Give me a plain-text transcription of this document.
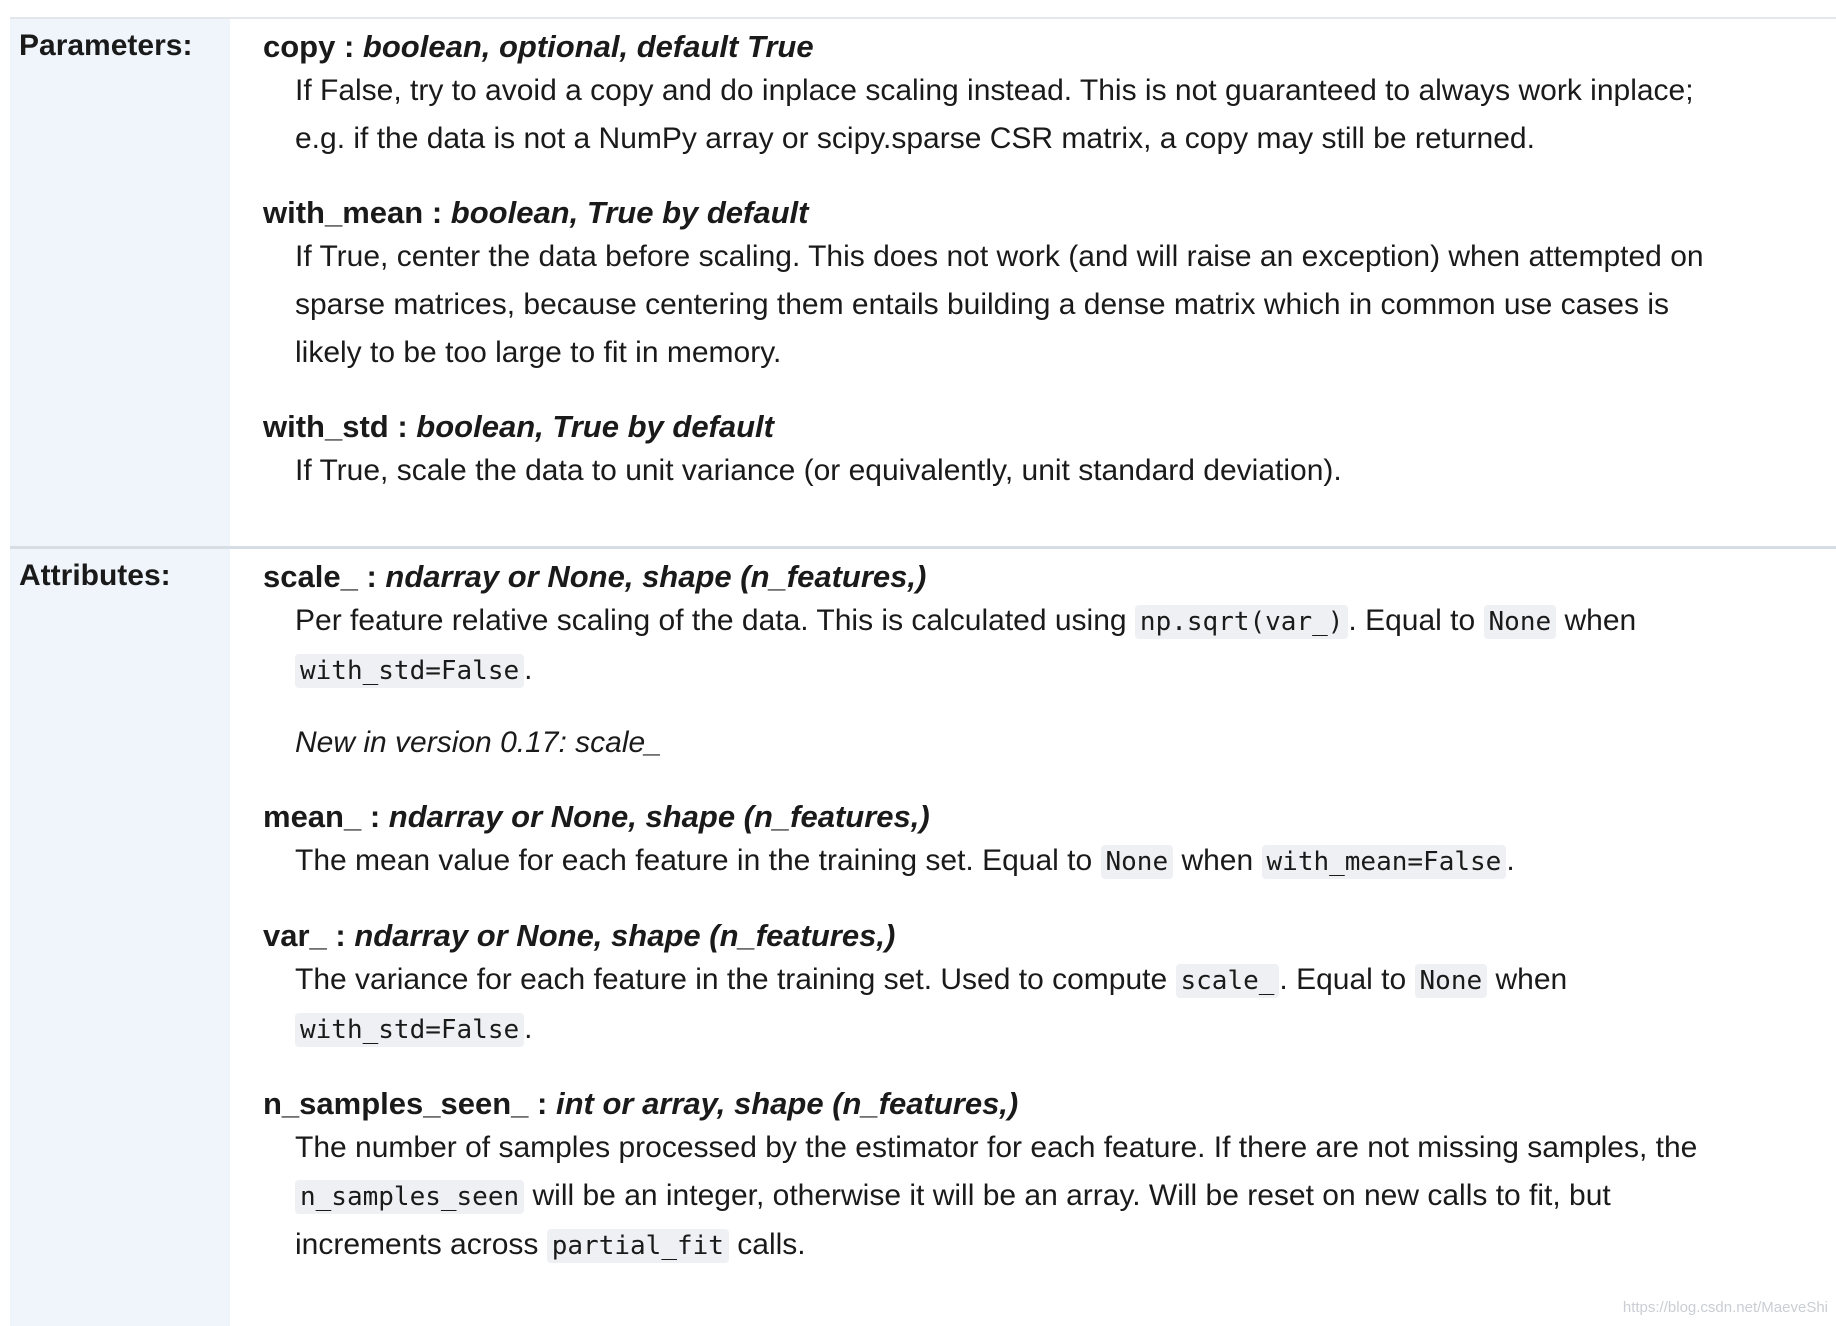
Parameters:	copy : boolean, optional, default True

If False, try to avoid a copy and do inplace scaling instead. This is not guaranteed to always work inplace;

e.g. if the data is not a NumPy array or scipy.sparse CSR matrix, a copy may still be returned.

with_mean : boolean, True by default

If True, center the data before scaling. This does not work (and will raise an exception) when attempted on

sparse matrices, because centering them entails building a dense matrix which in common use cases is

likely to be too large to fit in memory.

with_std : boolean, True by default

If True, scale the data to unit variance (or equivalently, unit standard deviation).

Attributes:	scale_ : ndarray or None, shape (n_features,)

Per feature relative scaling of the data. This is calculated using np.sqrt(var_) . Equal to None when

with_std=False .

New in version 0.17: scale_
mean_ : ndarray or None, shape (n_features,)

The mean value for each feature in the training set. Equal to None when with_mean=False .

var_ : ndarray or None, shape (n_features,)

The variance for each feature in the training set. Used to compute scale_ . Equal to None when

with_std=False .

n_samples_seen_ : int or array, shape (n_features,)

The number of samples processed by the estimator for each feature. If there are not missing samples, the

n_samples_seen will be an integer, otherwise it will be an array. Will be reset on new calls to fit, but

increments across partial_fit calls.

https://blog.csdn.net/MaeveShi
